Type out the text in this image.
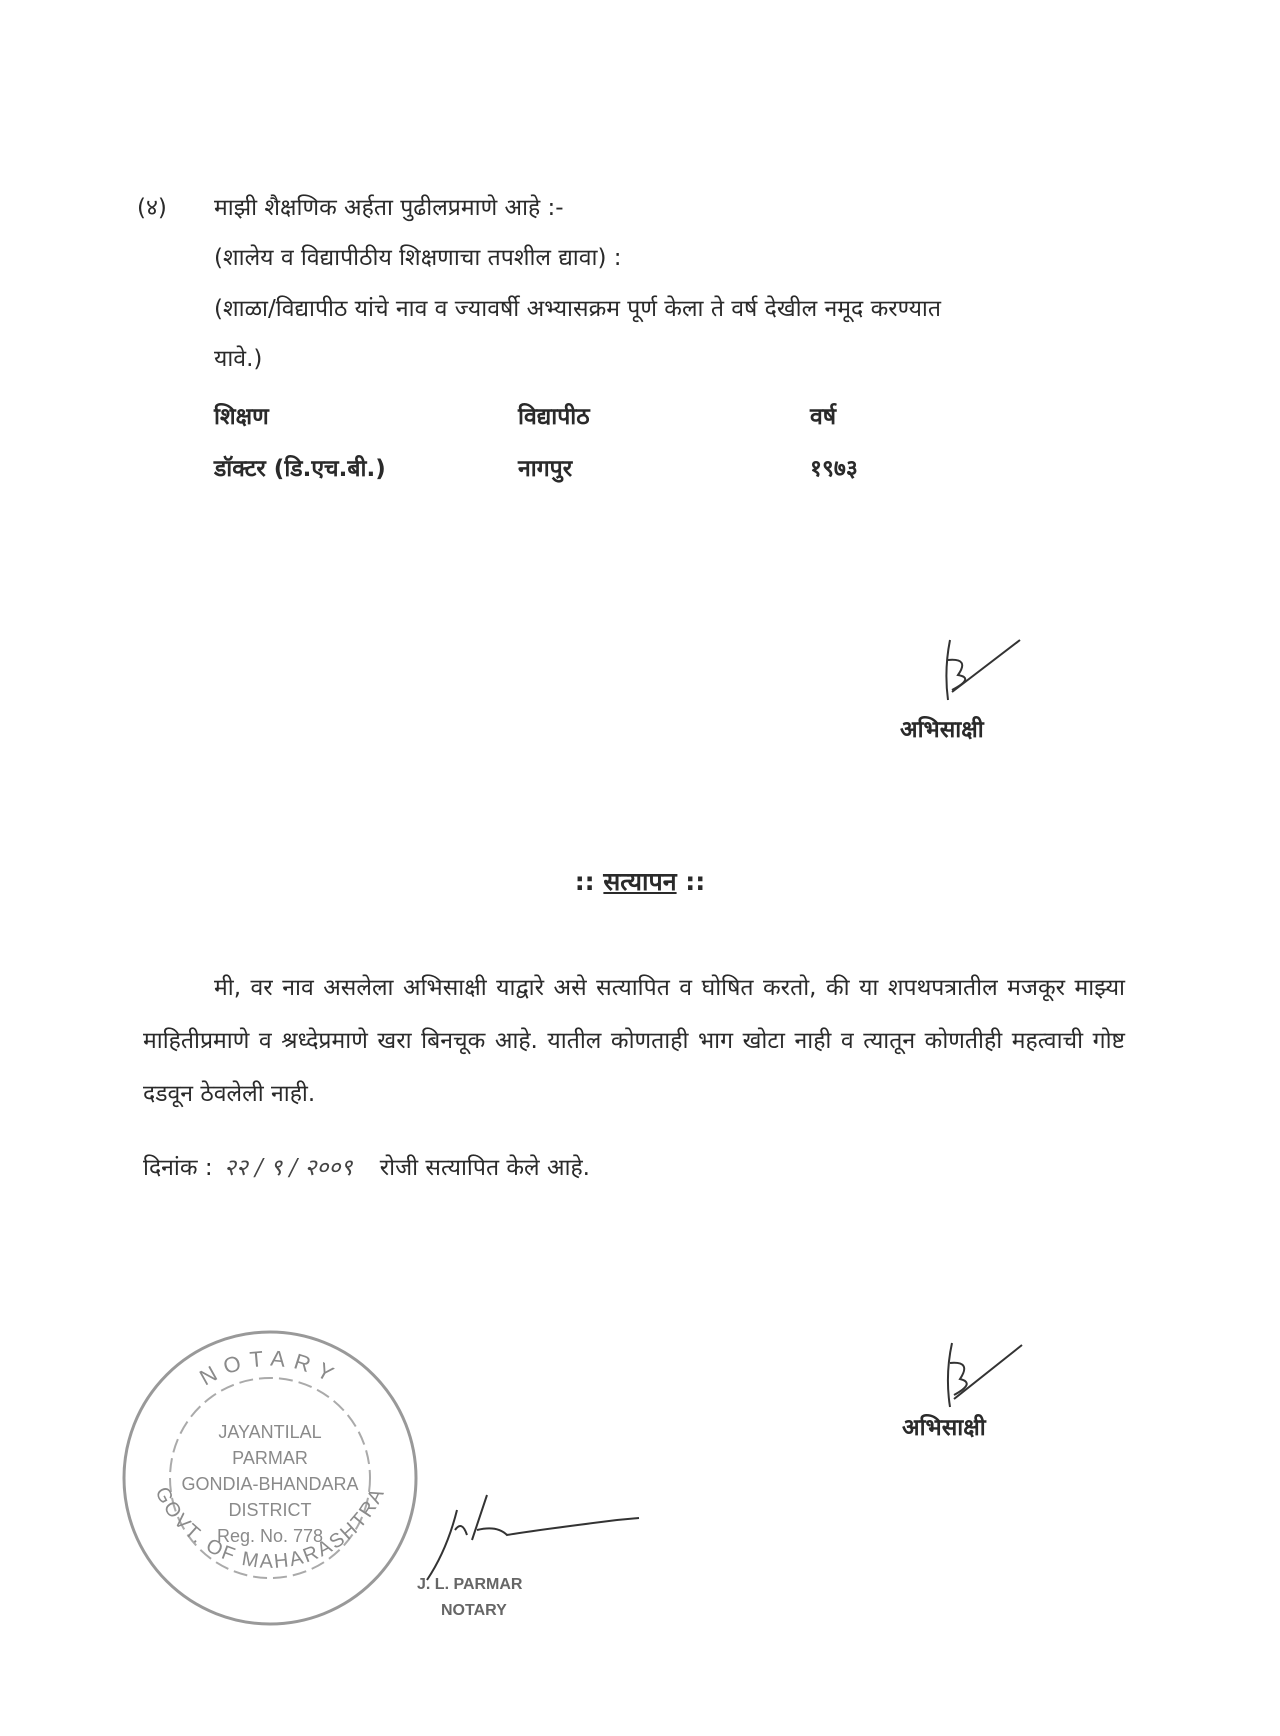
(४) माझी शैक्षणिक अर्हता पुढीलप्रमाणे आहे :-
(शालेय व विद्यापीठीय शिक्षणाचा तपशील द्यावा) :
(शाळा/विद्यापीठ यांचे नाव व ज्यावर्षी अभ्यासक्रम पूर्ण केला ते वर्ष देखील नमूद करण्यात
यावे.)
शिक्षण	विद्यापीठ	वर्ष
डॉक्टर (डि.एच.बी.)	नागपुर	१९७३
अभिसाक्षी
:: सत्यापन ::
मी, वर नाव असलेला अभिसाक्षी याद्वारे असे सत्यापित व घोषित करतो, की या शपथपत्रातील मजकूर माझ्या माहितीप्रमाणे व श्रध्देप्रमाणे खरा बिनचूक आहे. यातील कोणताही भाग खोटा नाही व त्यातून कोणतीही महत्वाची गोष्ट दडवून ठेवलेली नाही.
दिनांक : २२ / ९ / २००९ रोजी सत्यापित केले आहे.
अभिसाक्षी
NOTARY
GOVT. OF MAHARASHTRA
JAYANTILAL
PARMAR
GONDIA-BHANDARA
DISTRICT
Reg. No. 778
J. L. PARMAR
NOTARY
